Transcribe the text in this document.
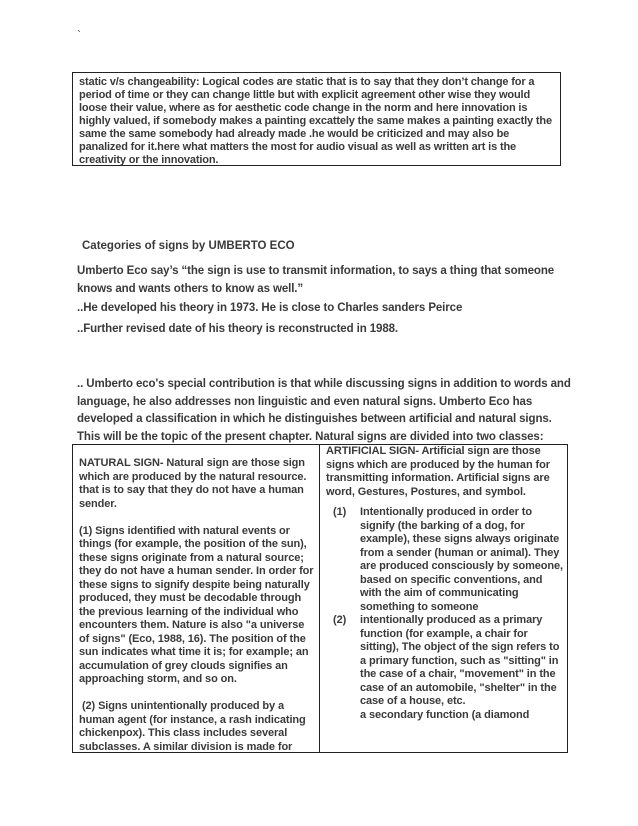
`
static v/s changeability: Logical codes are static that is to say that they don’t change for a period of time or they can change little but with explicit agreement other wise they would loose their value, where as for aesthetic code change in the norm and here innovation is highly valued, if somebody makes a painting excattely the same makes a painting exactly the same the same somebody had already made .he would be criticized and may also be panalized for it.here what matters the most for audio visual as well as written art is the creativity or the innovation.
Categories of signs by UMBERTO ECO
Umberto Eco say’s “the sign is use to transmit information, to says a thing that someone knows and wants others to know as well.”
..He developed his theory in 1973. He is close to Charles sanders Peirce
..Further revised date of his theory is reconstructed in 1988.
.. Umberto eco's special contribution is that while discussing signs in addition to words and language, he also addresses non linguistic and even natural signs. Umberto Eco has developed a classification in which he distinguishes between artificial and natural signs. This will be the topic of the present chapter. Natural signs are divided into two classes:

NATURAL SIGN- Natural sign are those sign which are produced by the natural resource. that is to say that they do not have a human sender.

(1) Signs identified with natural events or things (for example, the position of the sun), these signs originate from a natural source; they do not have a human sender. In order for these signs to signify despite being naturally produced, they must be decodable through the previous learning of the individual who encounters them. Nature is also "a universe of signs" (Eco, 1988, 16). The position of the sun indicates what time it is; for example; an accumulation of grey clouds signifies an approaching storm, and so on.

(2) Signs unintentionally produced by a human agent (for instance, a rash indicating chickenpox). This class includes several subclasses. A similar division is made for

ARTIFICIAL SIGN- Artificial sign are those signs which are produced by the human for transmitting information. Artificial signs are word, Gestures, Postures, and symbol.

(1) Intentionally produced in order to signify (the barking of a dog, for example), these signs always originate from a sender (human or animal). They are produced consciously by someone, based on specific conventions, and with the aim of communicating something to someone
(2) intentionally produced as a primary function (for example, a chair for sitting), The object of the sign refers to a primary function, such as "sitting" in the case of a chair, "movement" in the case of an automobile, "shelter" in the case of a house, etc.

a secondary function (a diamond
